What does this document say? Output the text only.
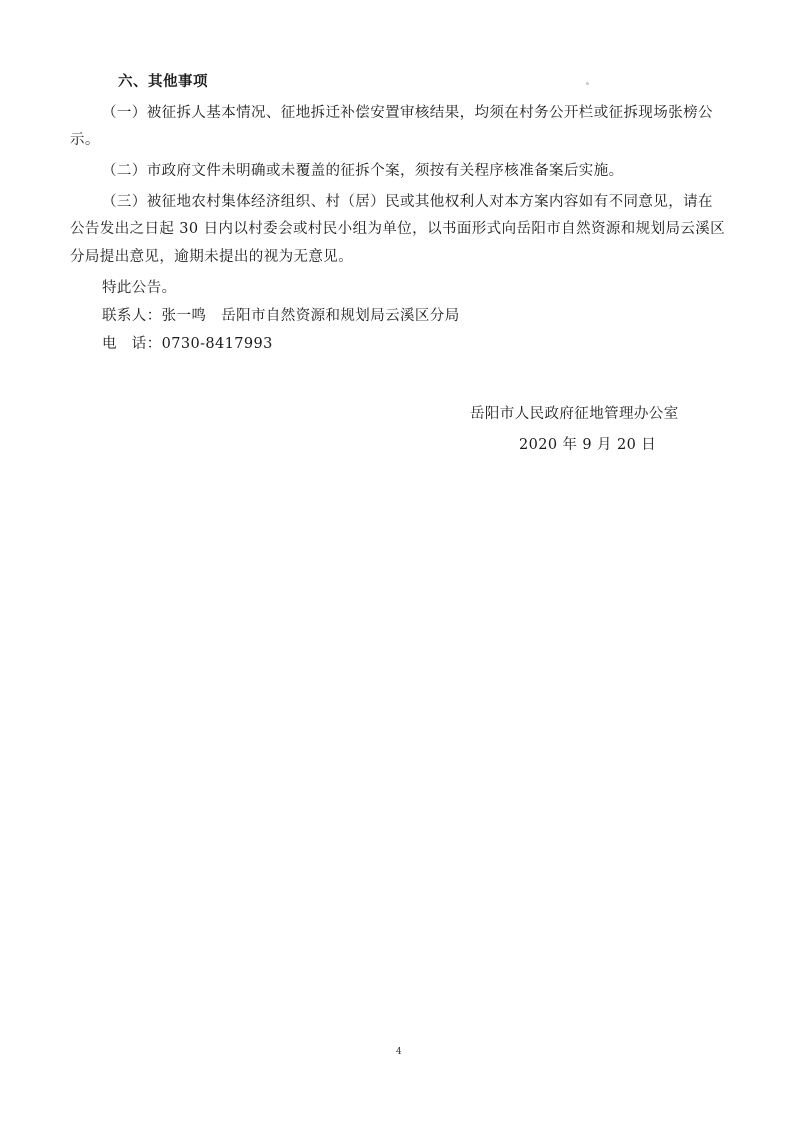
六、其他事项
（一）被征拆人基本情况、征地拆迁补偿安置审核结果，均须在村务公开栏或征拆现场张榜公
示。
（二）市政府文件未明确或未覆盖的征拆个案，须按有关程序核准备案后实施。
（三）被征地农村集体经济组织、村（居）民或其他权利人对本方案内容如有不同意见，请在
公告发出之日起 30 日内以村委会或村民小组为单位，以书面形式向岳阳市自然资源和规划局云溪区
分局提出意见，逾期未提出的视为无意见。
特此公告。
联系人：张一鸣　岳阳市自然资源和规划局云溪区分局
电　话：0730-8417993
岳阳市人民政府征地管理办公室
2020 年 9 月 20 日
4
